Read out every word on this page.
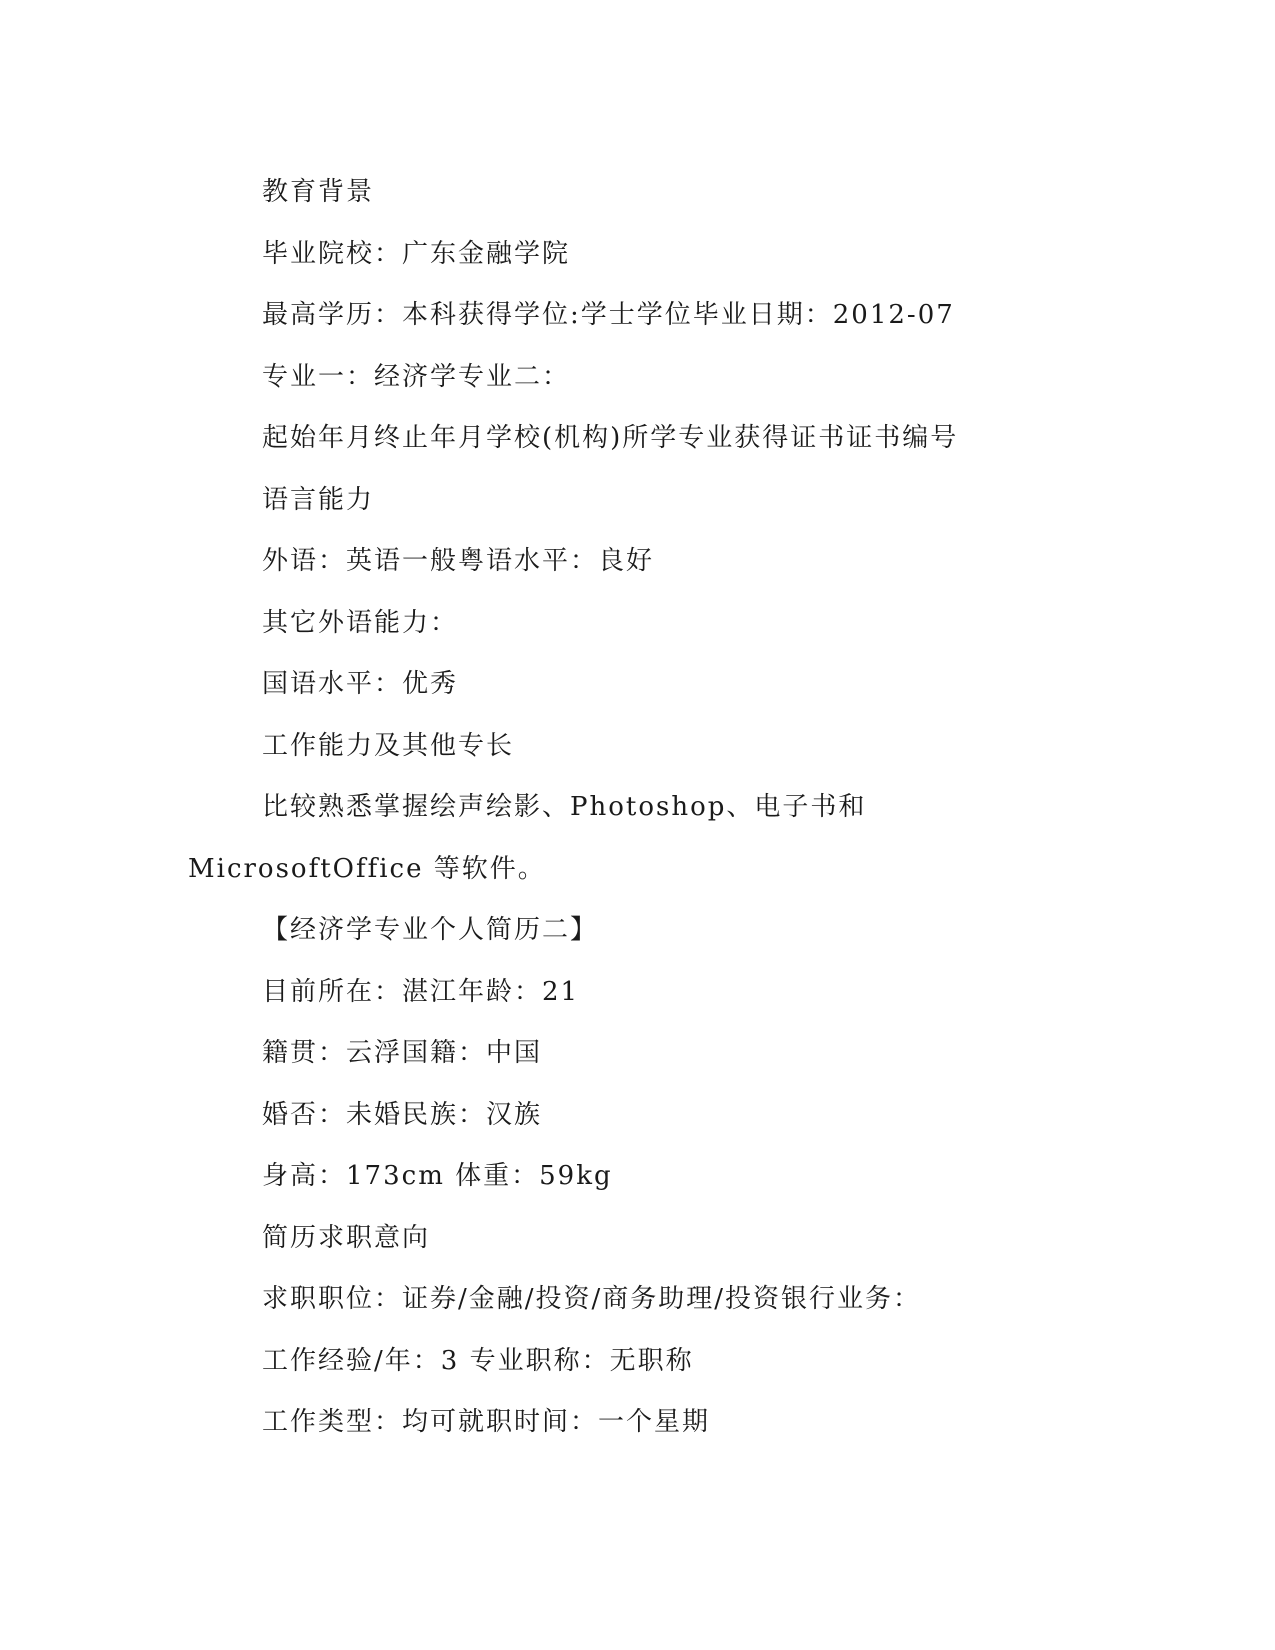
教育背景
毕业院校：广东金融学院
最高学历：本科获得学位:学士学位毕业日期：2012-07
专业一：经济学专业二：
起始年月终止年月学校(机构)所学专业获得证书证书编号
语言能力
外语：英语一般粤语水平：良好
其它外语能力：
国语水平：优秀
工作能力及其他专长
比较熟悉掌握绘声绘影、Photoshop、电子书和 MicrosoftOffice 等软件。
【经济学专业个人简历二】
目前所在：湛江年龄：21
籍贯：云浮国籍：中国
婚否：未婚民族：汉族
身高：173cm 体重：59kg
简历求职意向
求职职位：证券/金融/投资/商务助理/投资银行业务：
工作经验/年：3 专业职称：无职称
工作类型：均可就职时间：一个星期
